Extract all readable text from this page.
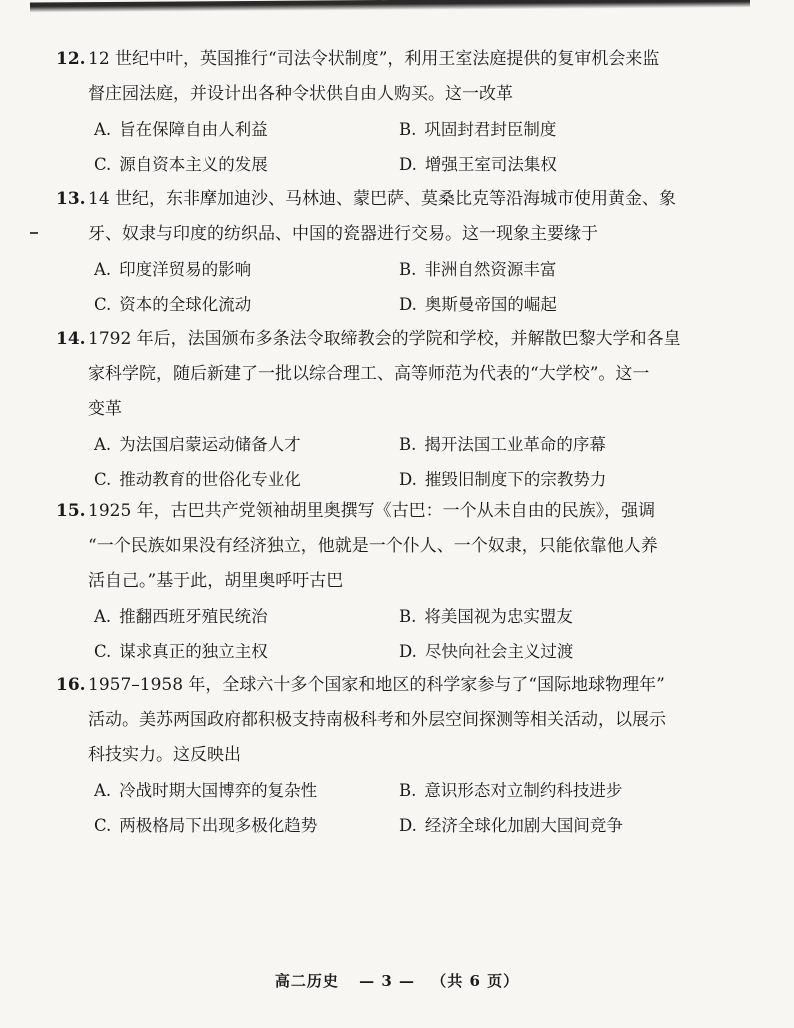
12. 12 世纪中叶，英国推行“司法令状制度”，利用王室法庭提供的复审机会来监
督庄园法庭，并设计出各种令状供自由人购买。这一改革
A. 旨在保障自由人利益	B. 巩固封君封臣制度
C. 源自资本主义的发展	D. 增强王室司法集权
13. 14 世纪，东非摩加迪沙、马林迪、蒙巴萨、莫桑比克等沿海城市使用黄金、象
牙、奴隶与印度的纺织品、中国的瓷器进行交易。这一现象主要缘于
A. 印度洋贸易的影响	B. 非洲自然资源丰富
C. 资本的全球化流动	D. 奥斯曼帝国的崛起
14. 1792 年后，法国颁布多条法令取缔教会的学院和学校，并解散巴黎大学和各皇
家科学院，随后新建了一批以综合理工、高等师范为代表的“大学校”。这一
变革
A. 为法国启蒙运动储备人才	B. 揭开法国工业革命的序幕
C. 推动教育的世俗化专业化	D. 摧毁旧制度下的宗教势力
15. 1925 年，古巴共产党领袖胡里奥撰写《古巴：一个从未自由的民族》，强调
“一个民族如果没有经济独立，他就是一个仆人、一个奴隶，只能依靠他人养
活自己。”基于此，胡里奥呼吁古巴
A. 推翻西班牙殖民统治	B. 将美国视为忠实盟友
C. 谋求真正的独立主权	D. 尽快向社会主义过渡
16. 1957–1958 年，全球六十多个国家和地区的科学家参与了“国际地球物理年”
活动。美苏两国政府都积极支持南极科考和外层空间探测等相关活动，以展示
科技实力。这反映出
A. 冷战时期大国博弈的复杂性	B. 意识形态对立制约科技进步
C. 两极格局下出现多极化趋势	D. 经济全球化加剧大国间竞争
高二历史 — 3 — （共 6 页）
